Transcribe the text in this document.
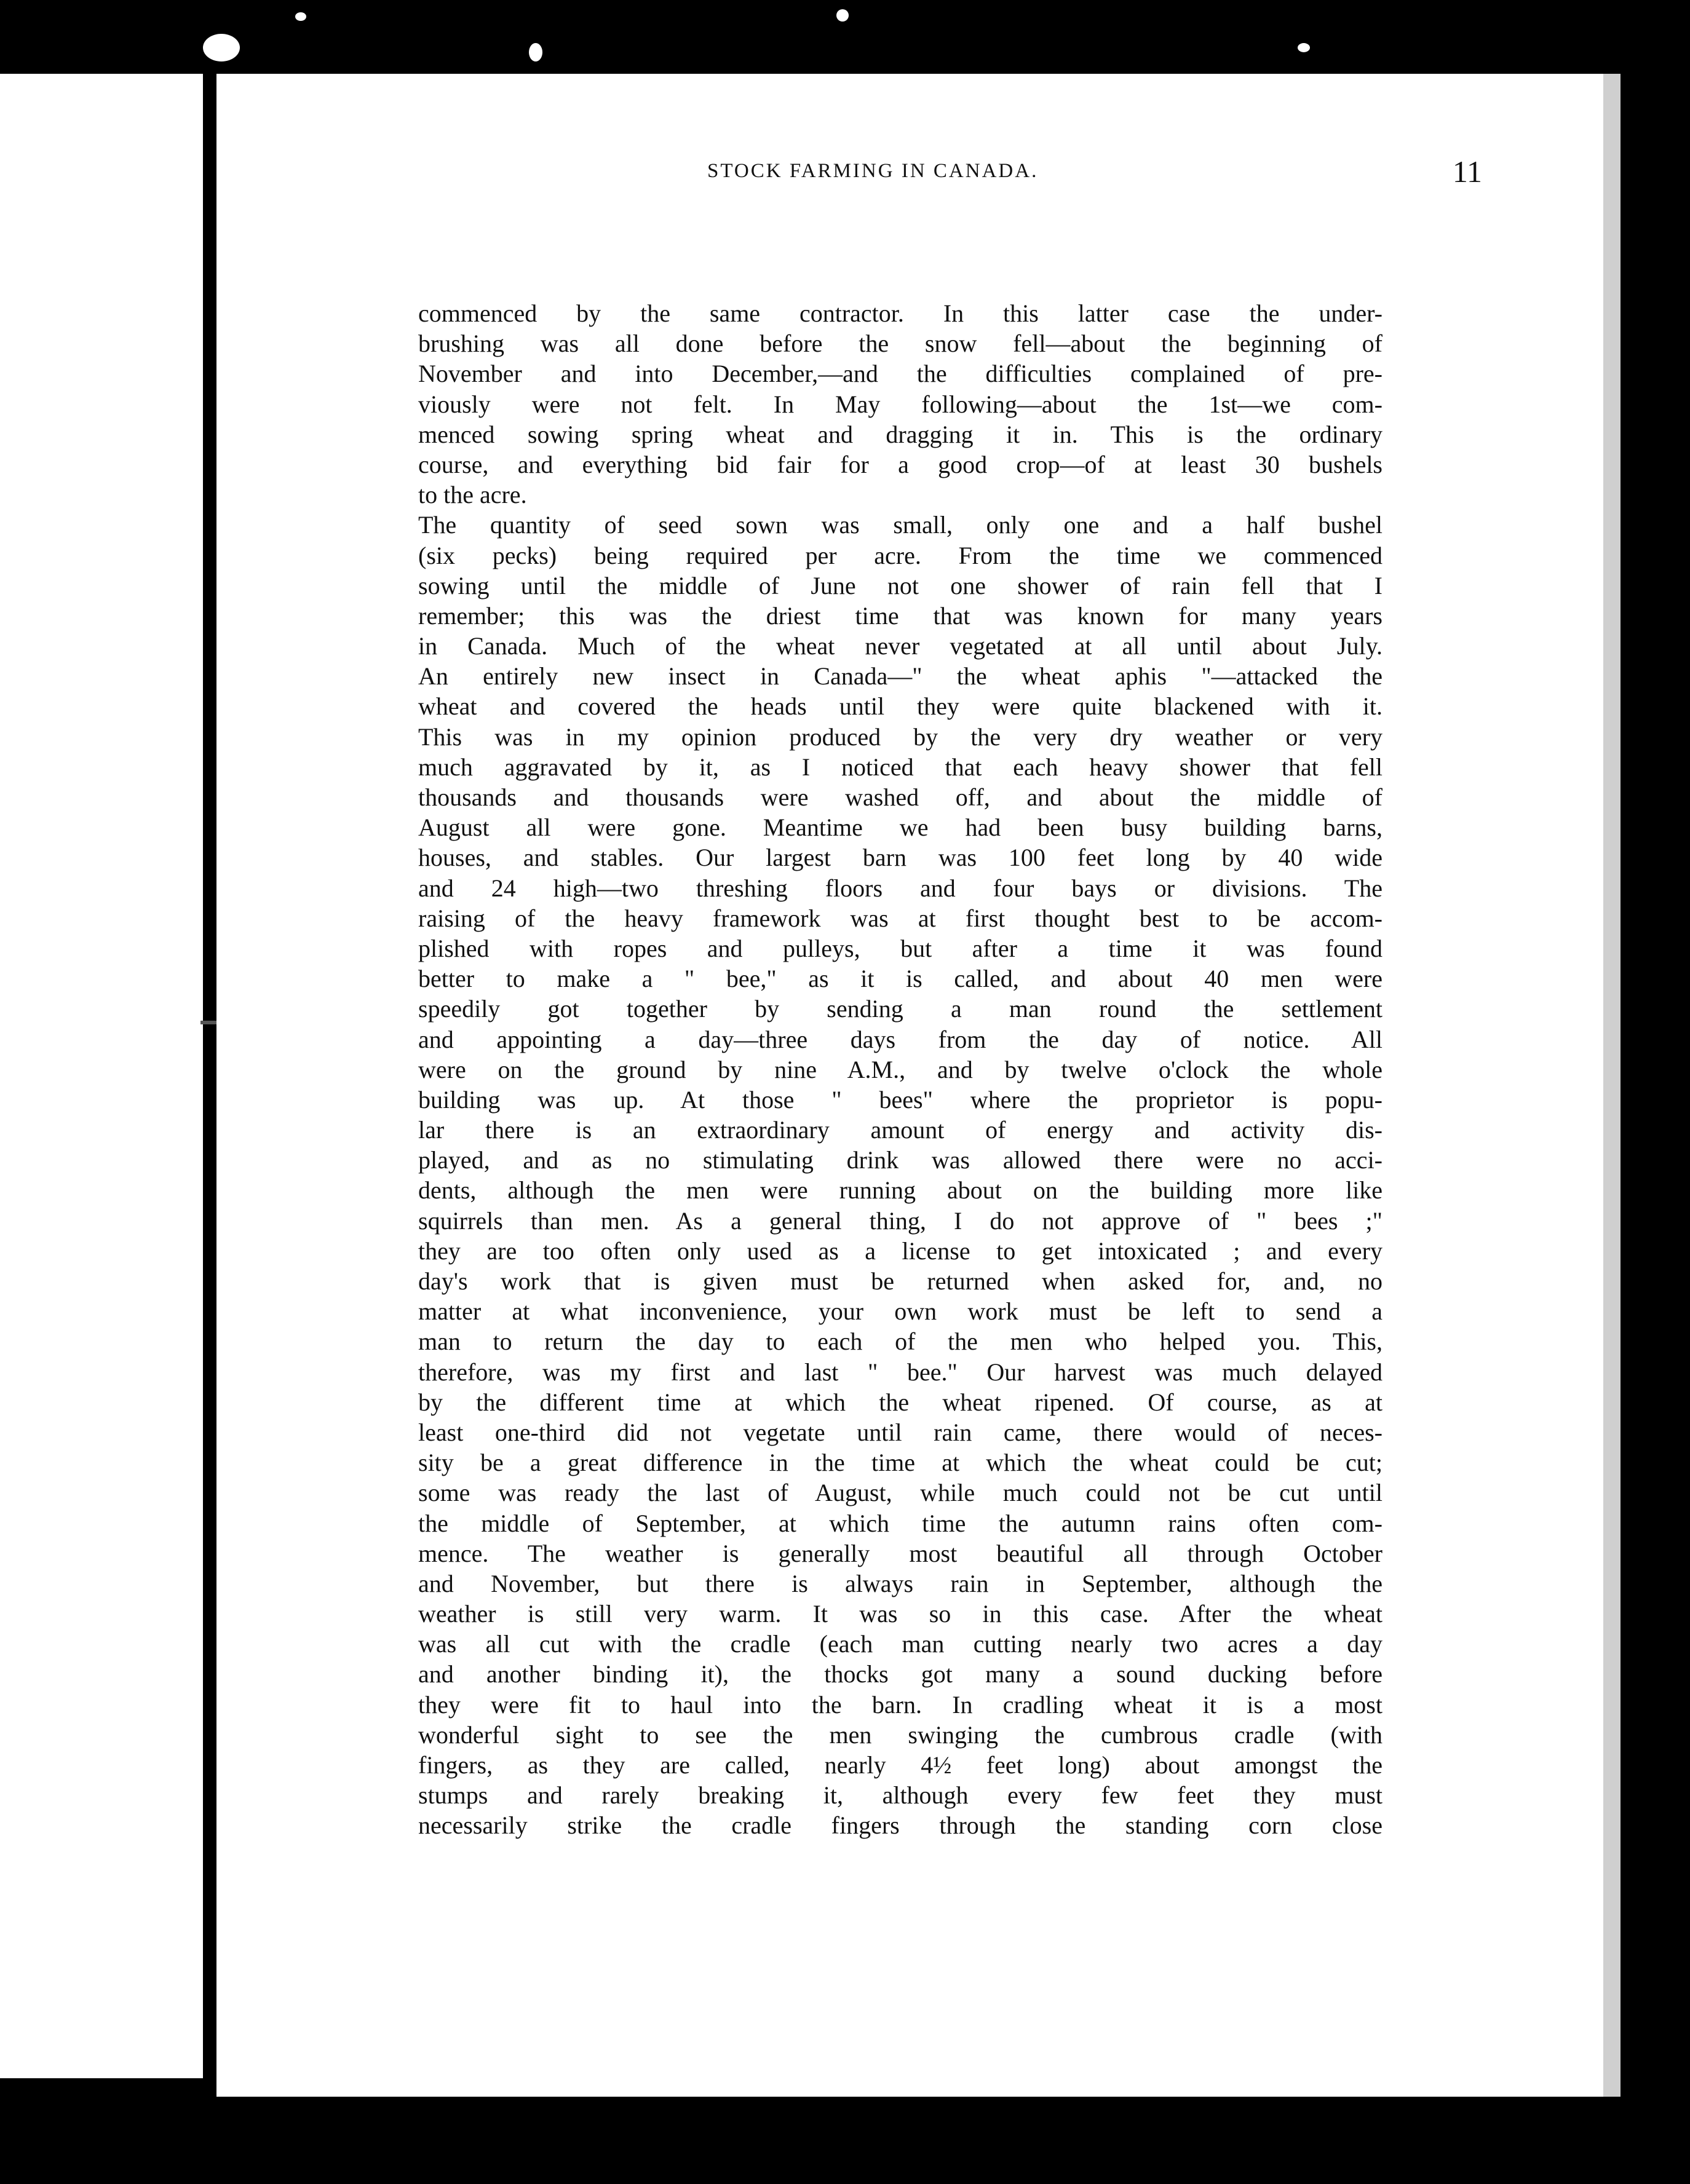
STOCK FARMING IN CANADA.	11
commenced by the same contractor. In this latter case the under-
brushing was all done before the snow fell—about the beginning of
November and into December,—and the difficulties complained of pre-
viously were not felt. In May following—about the 1st—we com-
menced sowing spring wheat and dragging it in. This is the ordinary
course, and everything bid fair for a good crop—of at least 30 bushels
to the acre.
The quantity of seed sown was small, only one and a half bushel
(six pecks) being required per acre. From the time we commenced
sowing until the middle of June not one shower of rain fell that I
remember; this was the driest time that was known for many years
in Canada. Much of the wheat never vegetated at all until about July.
An entirely new insect in Canada—" the wheat aphis "—attacked the
wheat and covered the heads until they were quite blackened with it.
This was in my opinion produced by the very dry weather or very
much aggravated by it, as I noticed that each heavy shower that fell
thousands and thousands were washed off, and about the middle of
August all were gone. Meantime we had been busy building barns,
houses, and stables. Our largest barn was 100 feet long by 40 wide
and 24 high—two threshing floors and four bays or divisions. The
raising of the heavy framework was at first thought best to be accom-
plished with ropes and pulleys, but after a time it was found
better to make a " bee," as it is called, and about 40 men were
speedily got together by sending a man round the settlement
and appointing a day—three days from the day of notice. All
were on the ground by nine A.M., and by twelve o'clock the whole
building was up. At those " bees" where the proprietor is popu-
lar there is an extraordinary amount of energy and activity dis-
played, and as no stimulating drink was allowed there were no acci-
dents, although the men were running about on the building more like
squirrels than men. As a general thing, I do not approve of " bees ;"
they are too often only used as a license to get intoxicated ; and every
day's work that is given must be returned when asked for, and, no
matter at what inconvenience, your own work must be left to send a
man to return the day to each of the men who helped you. This,
therefore, was my first and last " bee." Our harvest was much delayed
by the different time at which the wheat ripened. Of course, as at
least one-third did not vegetate until rain came, there would of neces-
sity be a great difference in the time at which the wheat could be cut;
some was ready the last of August, while much could not be cut until
the middle of September, at which time the autumn rains often com-
mence. The weather is generally most beautiful all through October
and November, but there is always rain in September, although the
weather is still very warm. It was so in this case. After the wheat
was all cut with the cradle (each man cutting nearly two acres a day
and another binding it), the thocks got many a sound ducking before
they were fit to haul into the barn. In cradling wheat it is a most
wonderful sight to see the men swinging the cumbrous cradle (with
fingers, as they are called, nearly 4½ feet long) about amongst the
stumps and rarely breaking it, although every few feet they must
necessarily strike the cradle fingers through the standing corn close
